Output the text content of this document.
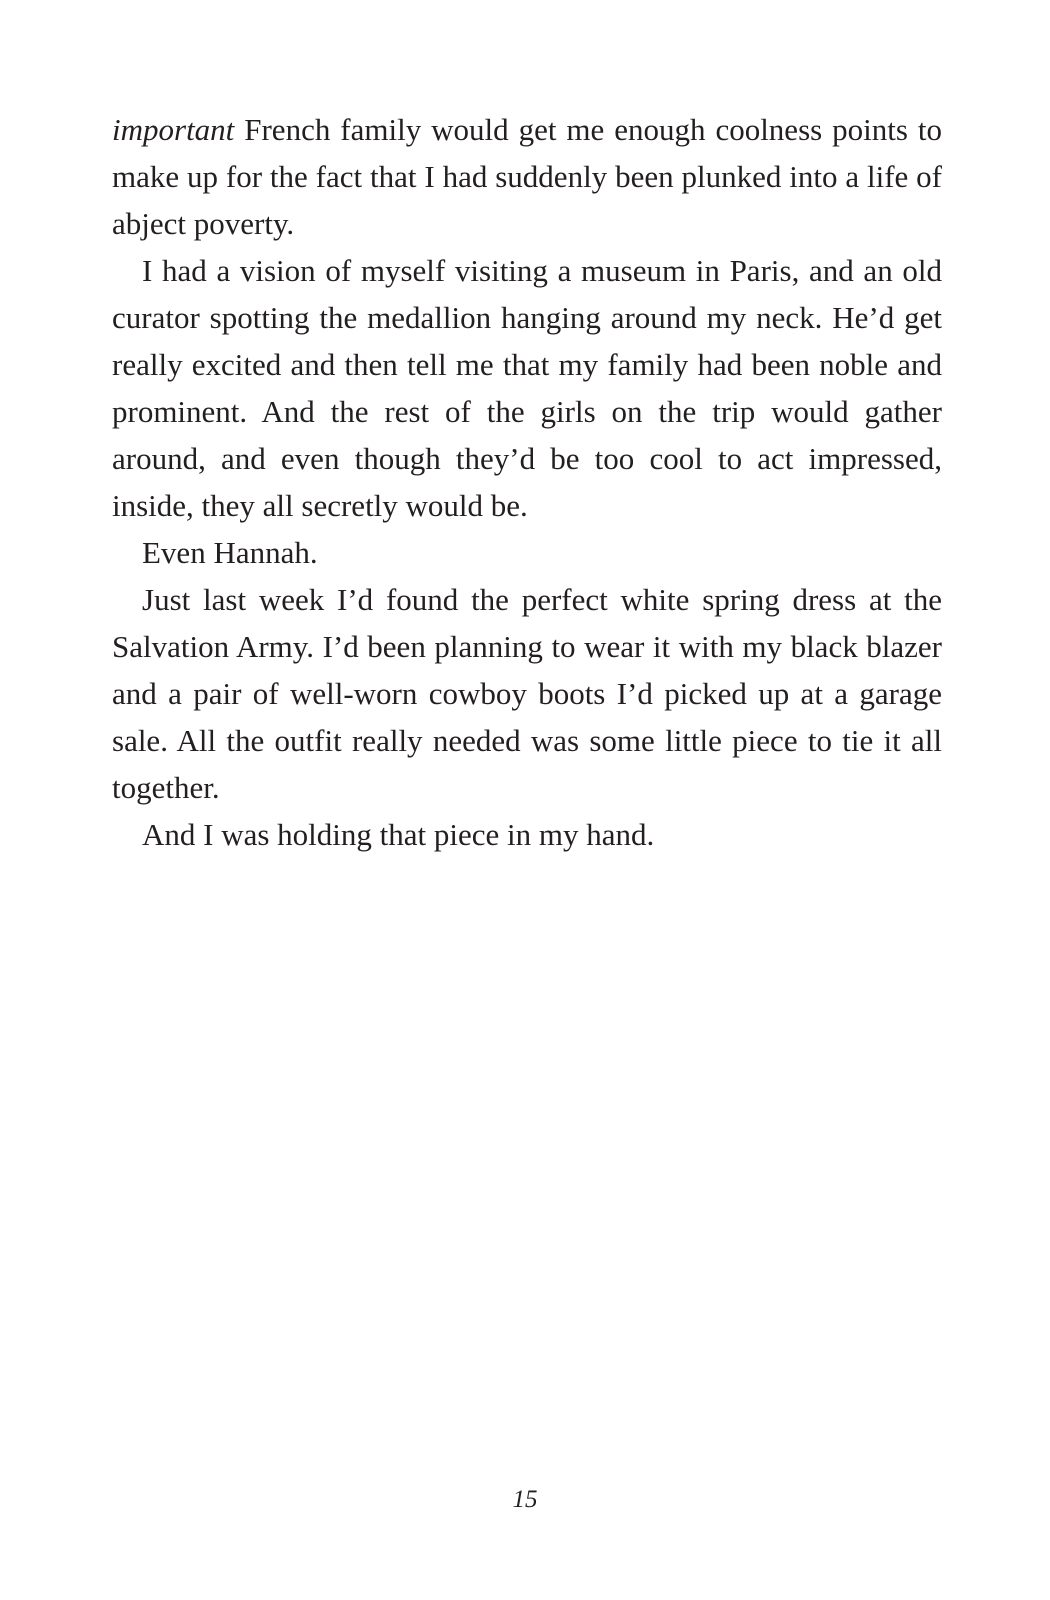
important French family would get me enough coolness points to make up for the fact that I had suddenly been plunked into a life of abject poverty.

I had a vision of myself visiting a museum in Paris, and an old curator spotting the medallion hanging around my neck. He’d get really excited and then tell me that my family had been noble and prominent. And the rest of the girls on the trip would gather around, and even though they’d be too cool to act impressed, inside, they all secretly would be.

Even Hannah.

Just last week I’d found the perfect white spring dress at the Salvation Army. I’d been planning to wear it with my black blazer and a pair of well-worn cowboy boots I’d picked up at a garage sale. All the outfit really needed was some little piece to tie it all together.

And I was holding that piece in my hand.

15
